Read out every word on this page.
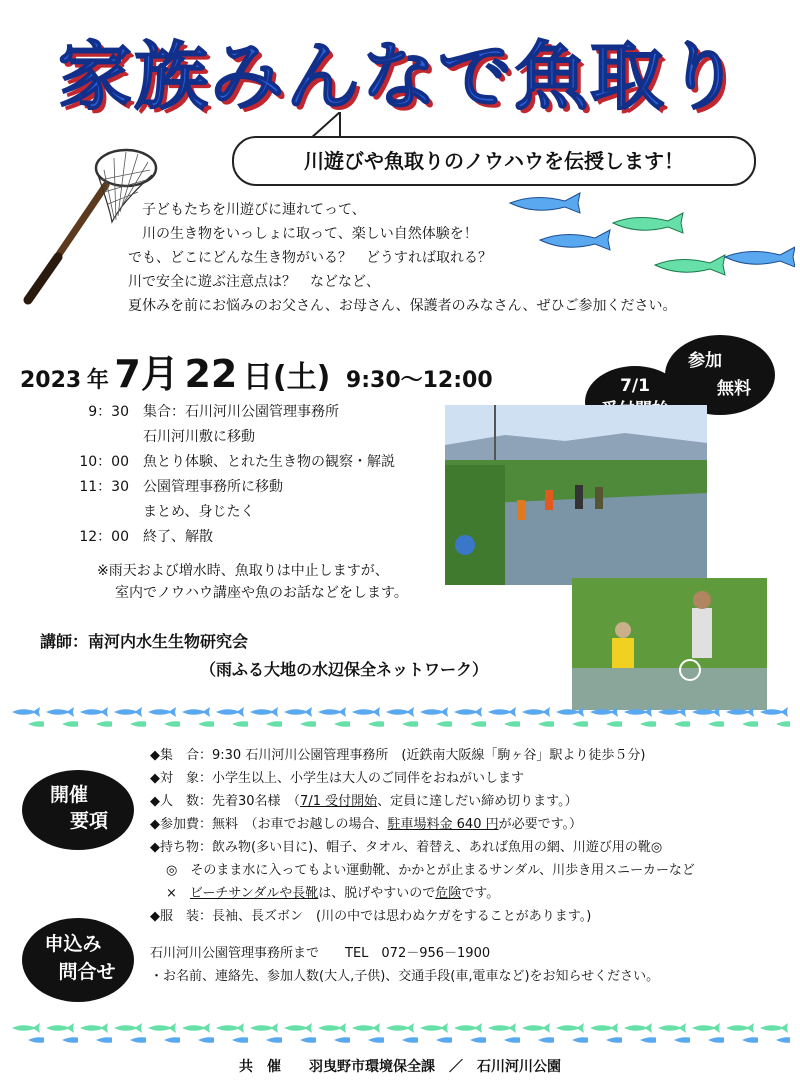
家族みんなで魚取り
川遊びや魚取りのノウハウを伝授します！
子どもたちを川遊びに連れてって、
川の生き物をいっしょに取って、楽しい自然体験を！
でも、どこにどんな生き物がいる？　どうすれば取れる？
川で安全に遊ぶ注意点は？　などなど、
夏休みを前にお悩みのお父さん、お母さん、保護者のみなさん、ぜひご参加ください。
2023 年 7月 22 日(土) 9:30〜12:00	7/1
参加
無料
9：30	集合：石川河川公園管理事務所
石川河川敷に移動
10：00	魚とり体験、とれた生き物の観察・解説
11：30	公園管理事務所に移動
まとめ、身じたく
12：00	終了、解散
※雨天および増水時、魚取りは中止しますが、
室内でノウハウ講座や魚のお話などをします。
講師：南河内水生生物研究会
（雨ふる大地の水辺保全ネットワーク）
開催
要項
申込み
問合せ
◆集　合：9:30 石川河川公園管理事務所　(近鉄南大阪線「駒ヶ谷」駅より徒歩５分)
◆対　象：小学生以上、小学生は大人のご同伴をおねがいします
◆人　数：先着30名様　（7/1 受付開始、定員に達しだい締め切ります。）
◆参加費：無料　（お車でお越しの場合、駐車場料金 640 円が必要です。）
◆持ち物：飲み物(多い目に)、帽子、タオル、着替え、あれば魚用の網、川遊び用の靴◎
◎　 そのまま水に入ってもよい運動靴、かかとが止まるサンダル、川歩き用スニーカーなど
×　 ビーチサンダルや長靴は、脱げやすいので危険です。
◆服　装：長袖、長ズボン　(川の中では思わぬケガをすることがあります。)
石川河川公園管理事務所まで　　TEL　072－956－1900
・お名前、連絡先、参加人数(大人,子供)、交通手段(車,電車など)をお知らせください。
共　催　　羽曳野市環境保全課　／　石川河川公園
